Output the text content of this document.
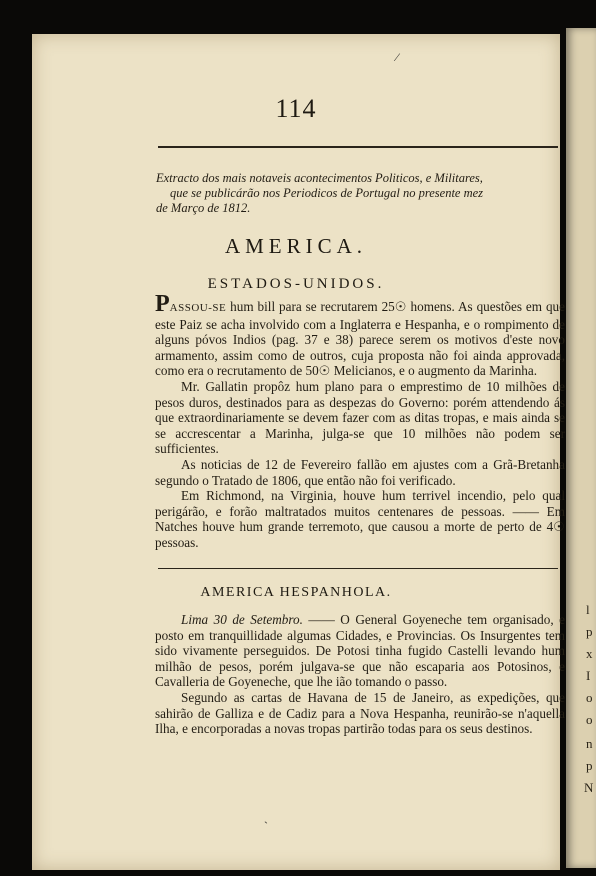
l
p
x
I
o
o
n
p
N
114
⁄

Extracto dos mais notaveis acontecimentos Politicos, e Militares,

que se publicárão nos Periodicos de Portugal no presente mez

de Março de 1812.

AMERICA.
ESTADOS-UNIDOS.

PASSOU-SE hum bill para se recrutarem 25☉ homens. As questões em que este Paiz se acha involvido com a Inglaterra e Hespanha, e o rompimento de alguns póvos Indios (pag. 37 e 38) parece serem os motivos d'este novo armamento, assim como de outros, cuja proposta não foi ainda approvada, como era o recrutamento de 50☉ Melicianos, e o augmento da Marinha.

Mr. Gallatin propôz hum plano para o emprestimo de 10 milhões de pesos duros, destinados para as despezas do Governo: porém attendendo ás que extraordinariamente se devem fazer com as ditas tropas, e mais ainda se se accrescentar a Marinha, julga-se que 10 milhões não podem ser sufficientes.

As noticias de 12 de Fevereiro fallão em ajustes com a Grã-Bretanha segundo o Tratado de 1806, que então não foi verificado.

Em Richmond, na Virginia, houve hum terrivel incendio, pelo qual perigárão, e forão maltratados muitos centenares de pessoas. —— Em Natches houve hum grande terremoto, que causou a morte de perto de 4☉ pessoas.

AMERICA HESPANHOLA.

Lima 30 de Setembro. —— O General Goyeneche tem organisado, e posto em tranquillidade algumas Cidades, e Provincias. Os Insurgentes tem sido vivamente perseguidos. De Potosi tinha fugido Castelli levando hum milhão de pesos, porém julgava-se que não escaparia aos Potosinos, e Cavalleria de Goyeneche, que lhe ião tomando o passo.

Segundo as cartas de Havana de 15 de Janeiro, as expedições, que sahirão de Galliza e de Cadiz para a Nova Hespanha, reunirão-se n'aquella Ilha, e encorporadas a novas tropas partirão todas para os seus destinos.

ˎ
